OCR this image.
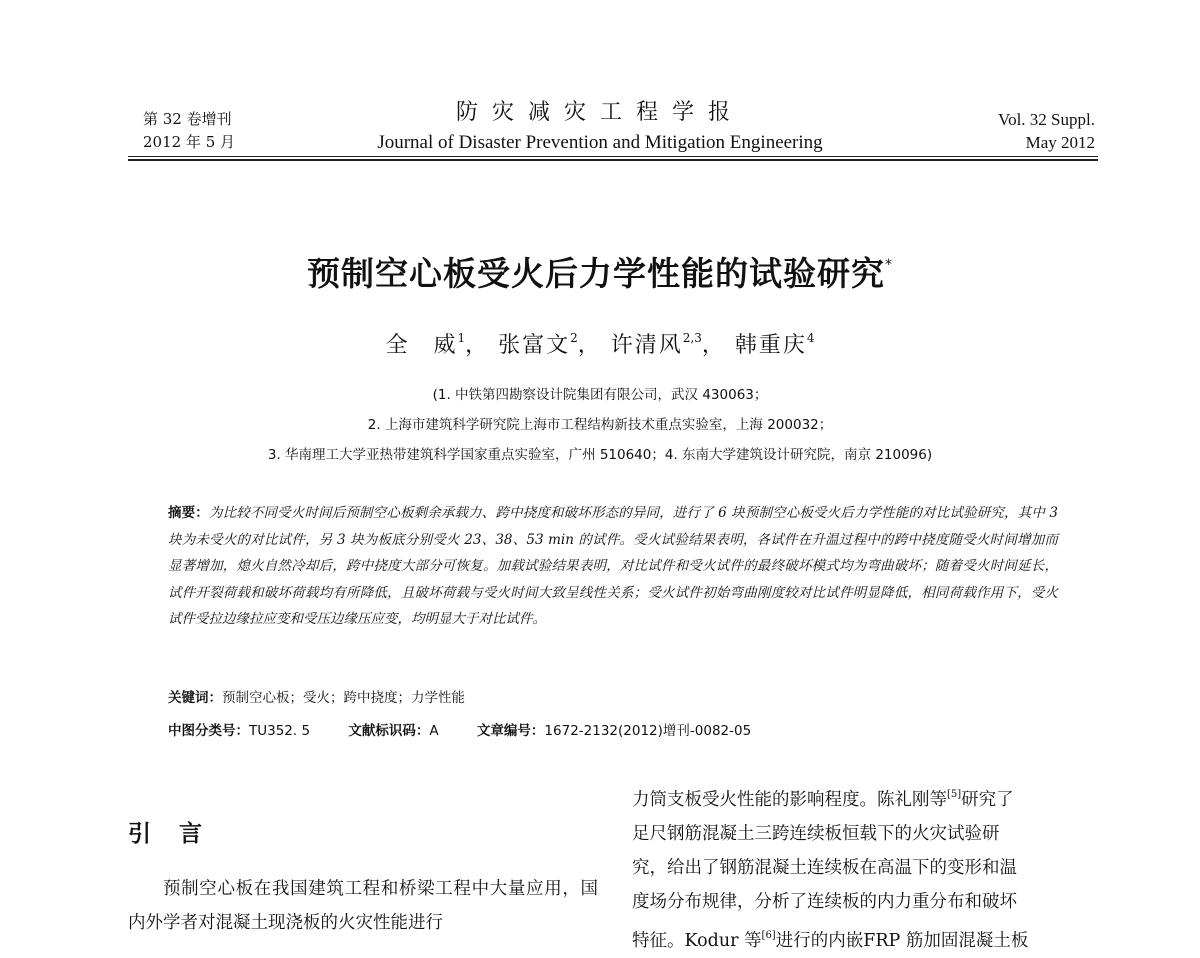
第 32 卷增刊
2012 年 5 月
防灾减灾工程学报
Journal of Disaster Prevention and Mitigation Engineering
Vol. 32 Suppl.
May 2012
预制空心板受火后力学性能的试验研究*
全　威$^1$， 张富文$^2$， 许清风$^{2,3}$， 韩重庆$^4$
(1. 中铁第四勘察设计院集团有限公司，武汉 430063；
2. 上海市建筑科学研究院上海市工程结构新技术重点实验室，上海 200032；
3. 华南理工大学亚热带建筑科学国家重点实验室，广州 510640；4. 东南大学建筑设计研究院，南京 210096)
摘要：为比较不同受火时间后预制空心板剩余承载力、跨中挠度和破坏形态的异同，进行了 6 块预制空心板受火后力学性能的对比试验研究，其中 3 块为未受火的对比试件，另 3 块为板底分别受火 23、38、53 min 的试件。受火试验结果表明，各试件在升温过程中的跨中挠度随受火时间增加而显著增加，熄火自然冷却后，跨中挠度大部分可恢复。加载试验结果表明，对比试件和受火试件的最终破坏模式均为弯曲破坏；随着受火时间延长，试件开裂荷载和破坏荷载均有所降低，且破坏荷载与受火时间大致呈线性关系；受火试件初始弯曲刚度较对比试件明显降低，相同荷载作用下，受火试件受拉边缘拉应变和受压边缘压应变，均明显大于对比试件。
关键词：预制空心板；受火；跨中挠度；力学性能
中图分类号：TU352. 5	文献标识码：A	文章编号：1672-2132(2012)增刊-0082-05
引言
预制空心板在我国建筑工程和桥梁工程中大量应用，国内外学者对混凝土现浇板的火灾性能进行
力筒支板受火性能的影响程度。陈礼刚等[5]研究了
足尺钢筋混凝土三跨连续板恒载下的火灾试验研
究，给出了钢筋混凝土连续板在高温下的变形和温
度场分布规律，分析了连续板的内力重分布和破坏
特征。Kodur 等[6]进行的内嵌FRP 筋加固混凝土板
